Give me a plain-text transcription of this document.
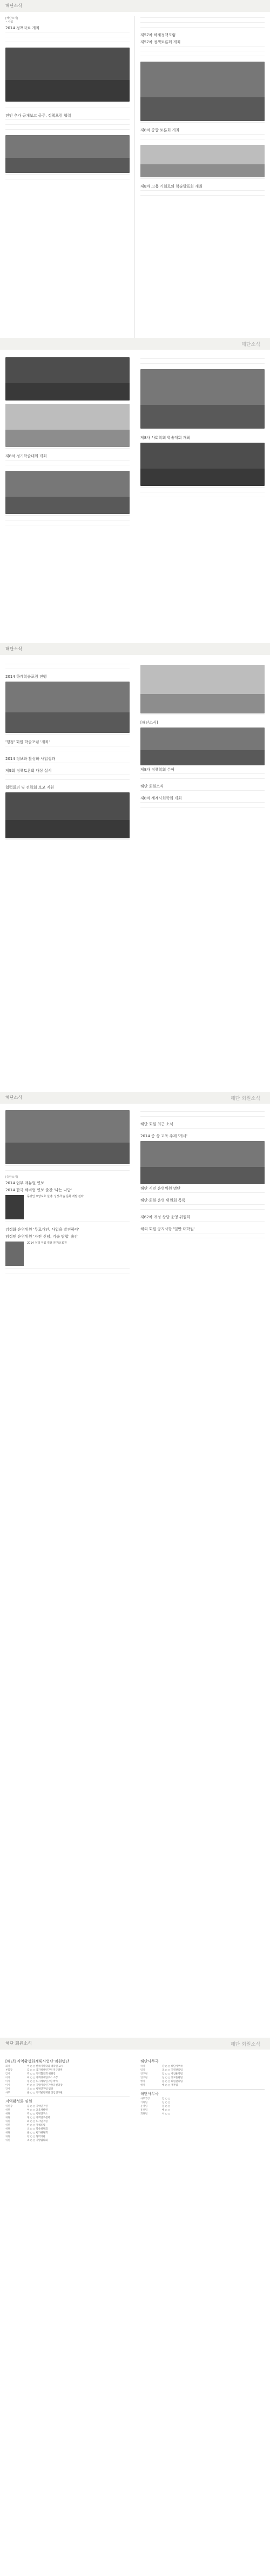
해단소식
[해단소식]
• 사업
2014 정책자료 개최
전인 추가 공개보고 공주, 정책포럼 협력
제57차 하계정책포럼
제57차 정책토론회 개최
제8차 종합 토론회 개최
제8차 고용 기회로의 학술발표회 개최
해단소식
제8차 정기학술대회 개최
제8차 사회학회 학술대회 개최
해단소식
2014 하계학술포럼 진행
'행정' 회원 학술포럼 '개최'
2014 정보화 활성화 사업성과
제9회 정책토론회 대상 실시
협력회의 및 전략회 보고 지원
[해단소식]
제8차 정책학회 수여
해단 회원소식
제8차 세계사회학회 개최
해단소식	해단 회원소식
[출판소식]
2014 업무 매뉴얼 연보
2014 한국 해비업 연보 출간 '나는 나답'
동양인 요양보호 설명: 성장·학습 문화 개발 전략
김정화 운영위원 '무료개인, 사업을 발견하다'
임정민 운영위원 '자전 신념, 기술 탐험' 출간
2014 정책 직업 개발 연구와 회원
해단 회원 최근 소식
2014 중 상 교육 주제 '개시'
해단 시민 운영위원 명단
해단·회원·운영 위원회 목록
제62차 개정 상담 운영 위원회
해외 회원 공지사항 '일반 대학원'
해단 회원소식	해단 회원소식
[해단] 지역활성화계획사업단 임원명단
회장	이 ○ ○ 한국지역학과 대학원 교수
부회장	김 ○ ○ 국가정책연구원 연구위원
감사	박 ○ ○ 지역협의회 위원장
이사	최 ○ ○ 사회경제연구소 소장
이사	정 ○ ○ 도시계획연구원 박사
이사	한 ○ ○ 지방자치연구센터 센터장
간사	오 ○ ○ 행정연구팀 팀장
사무	윤 ○ ○ 지역발전재단 선임연구원
지역활성화 임원
위원장	김 ○ ○ 지역연구원
위원	이 ○ ○ 교육개발원
위원	박 ○ ○ 행정연구소
위원	정 ○ ○ 사회연구센터
위원	최 ○ ○ 도시연구원
위원	한 ○ ○ 정책포럼
위원	오 ○ ○ 학술위원회
위원	윤 ○ ○ 평가위원회
위원	강 ○ ○ 협력기관
위원	조 ○ ○ 지방협의회
해단사무국
국장	강 ○ ○ 해단사무국
팀장	조 ○ ○ 기획관리팀
연구원	임 ○ ○ 사업운영팀
연구원	신 ○ ○ 홍보출판팀
행정	문 ○ ○ 회원관리팀
행정	배 ○ ○ 재무팀
해단사무국
사무국장	임 ○ ○
기획팀	신 ○ ○
운영팀	문 ○ ○
홍보팀	배 ○ ○
회원팀	서 ○ ○
